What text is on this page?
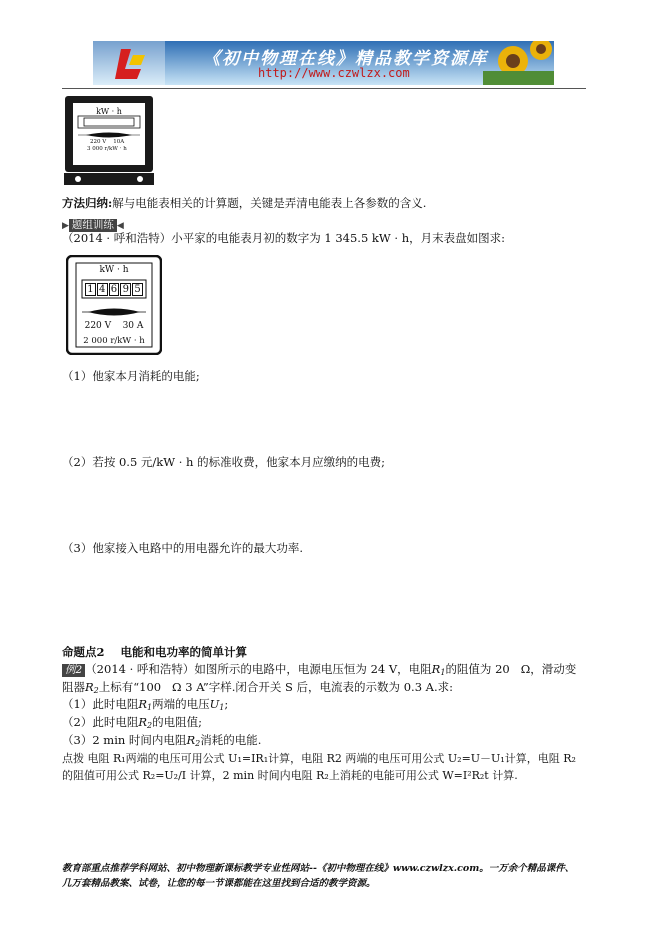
《初中物理在线》精品教学资源库
http://www.czwlzx.com
kW · h
220 V    10A
3 000 r/kW · h
方法归纳:解与电能表相关的计算题，关键是弄清电能表上各参数的含义.
▶ 题组训练 ◀
（2014 · 呼和浩特）小平家的电能表月初的数字为 1 345.5 kW · h，月末表盘如图求:
kW · h
1 4 6 9 5
220 V    30 A
2 000 r/kW · h
（1）他家本月消耗的电能;
（2）若按 0.5 元/kW · h 的标准收费，他家本月应缴纳的电费;
（3）他家接入电路中的用电器允许的最大功率.
命题点2    电能和电功率的简单计算
例2 （2014 · 呼和浩特）如图所示的电路中，电源电压恒为 24 V，电阻$R_1$的阻值为 20   Ω，滑动变
阻器$R_2$上标有“100   Ω 3 A”字样.闭合开关 S 后，电流表的示数为 0.3 A.求:
（1）此时电阻$R_1$两端的电压$U_1$;
（2）此时电阻$R_2$的电阻值;
（3）2 min 时间内电阻$R_2$消耗的电能.
点拨 电阻 R₁两端的电压可用公式 U₁=IR₁计算，电阻 R2 两端的电压可用公式 U₂=U－U₁计算，电阻 R₂
的阻值可用公式 R₂=U₂/I 计算，2 min 时间内电阻 R₂上消耗的电能可用公式 W=I²R₂t 计算.
教育部重点推荐学科网站、初中物理新课标教学专业性网站--《初中物理在线》www.czwlzx.com。一万余个精品课件、
几万套精品教案、试卷，让您的每一节课都能在这里找到合适的教学资源。
